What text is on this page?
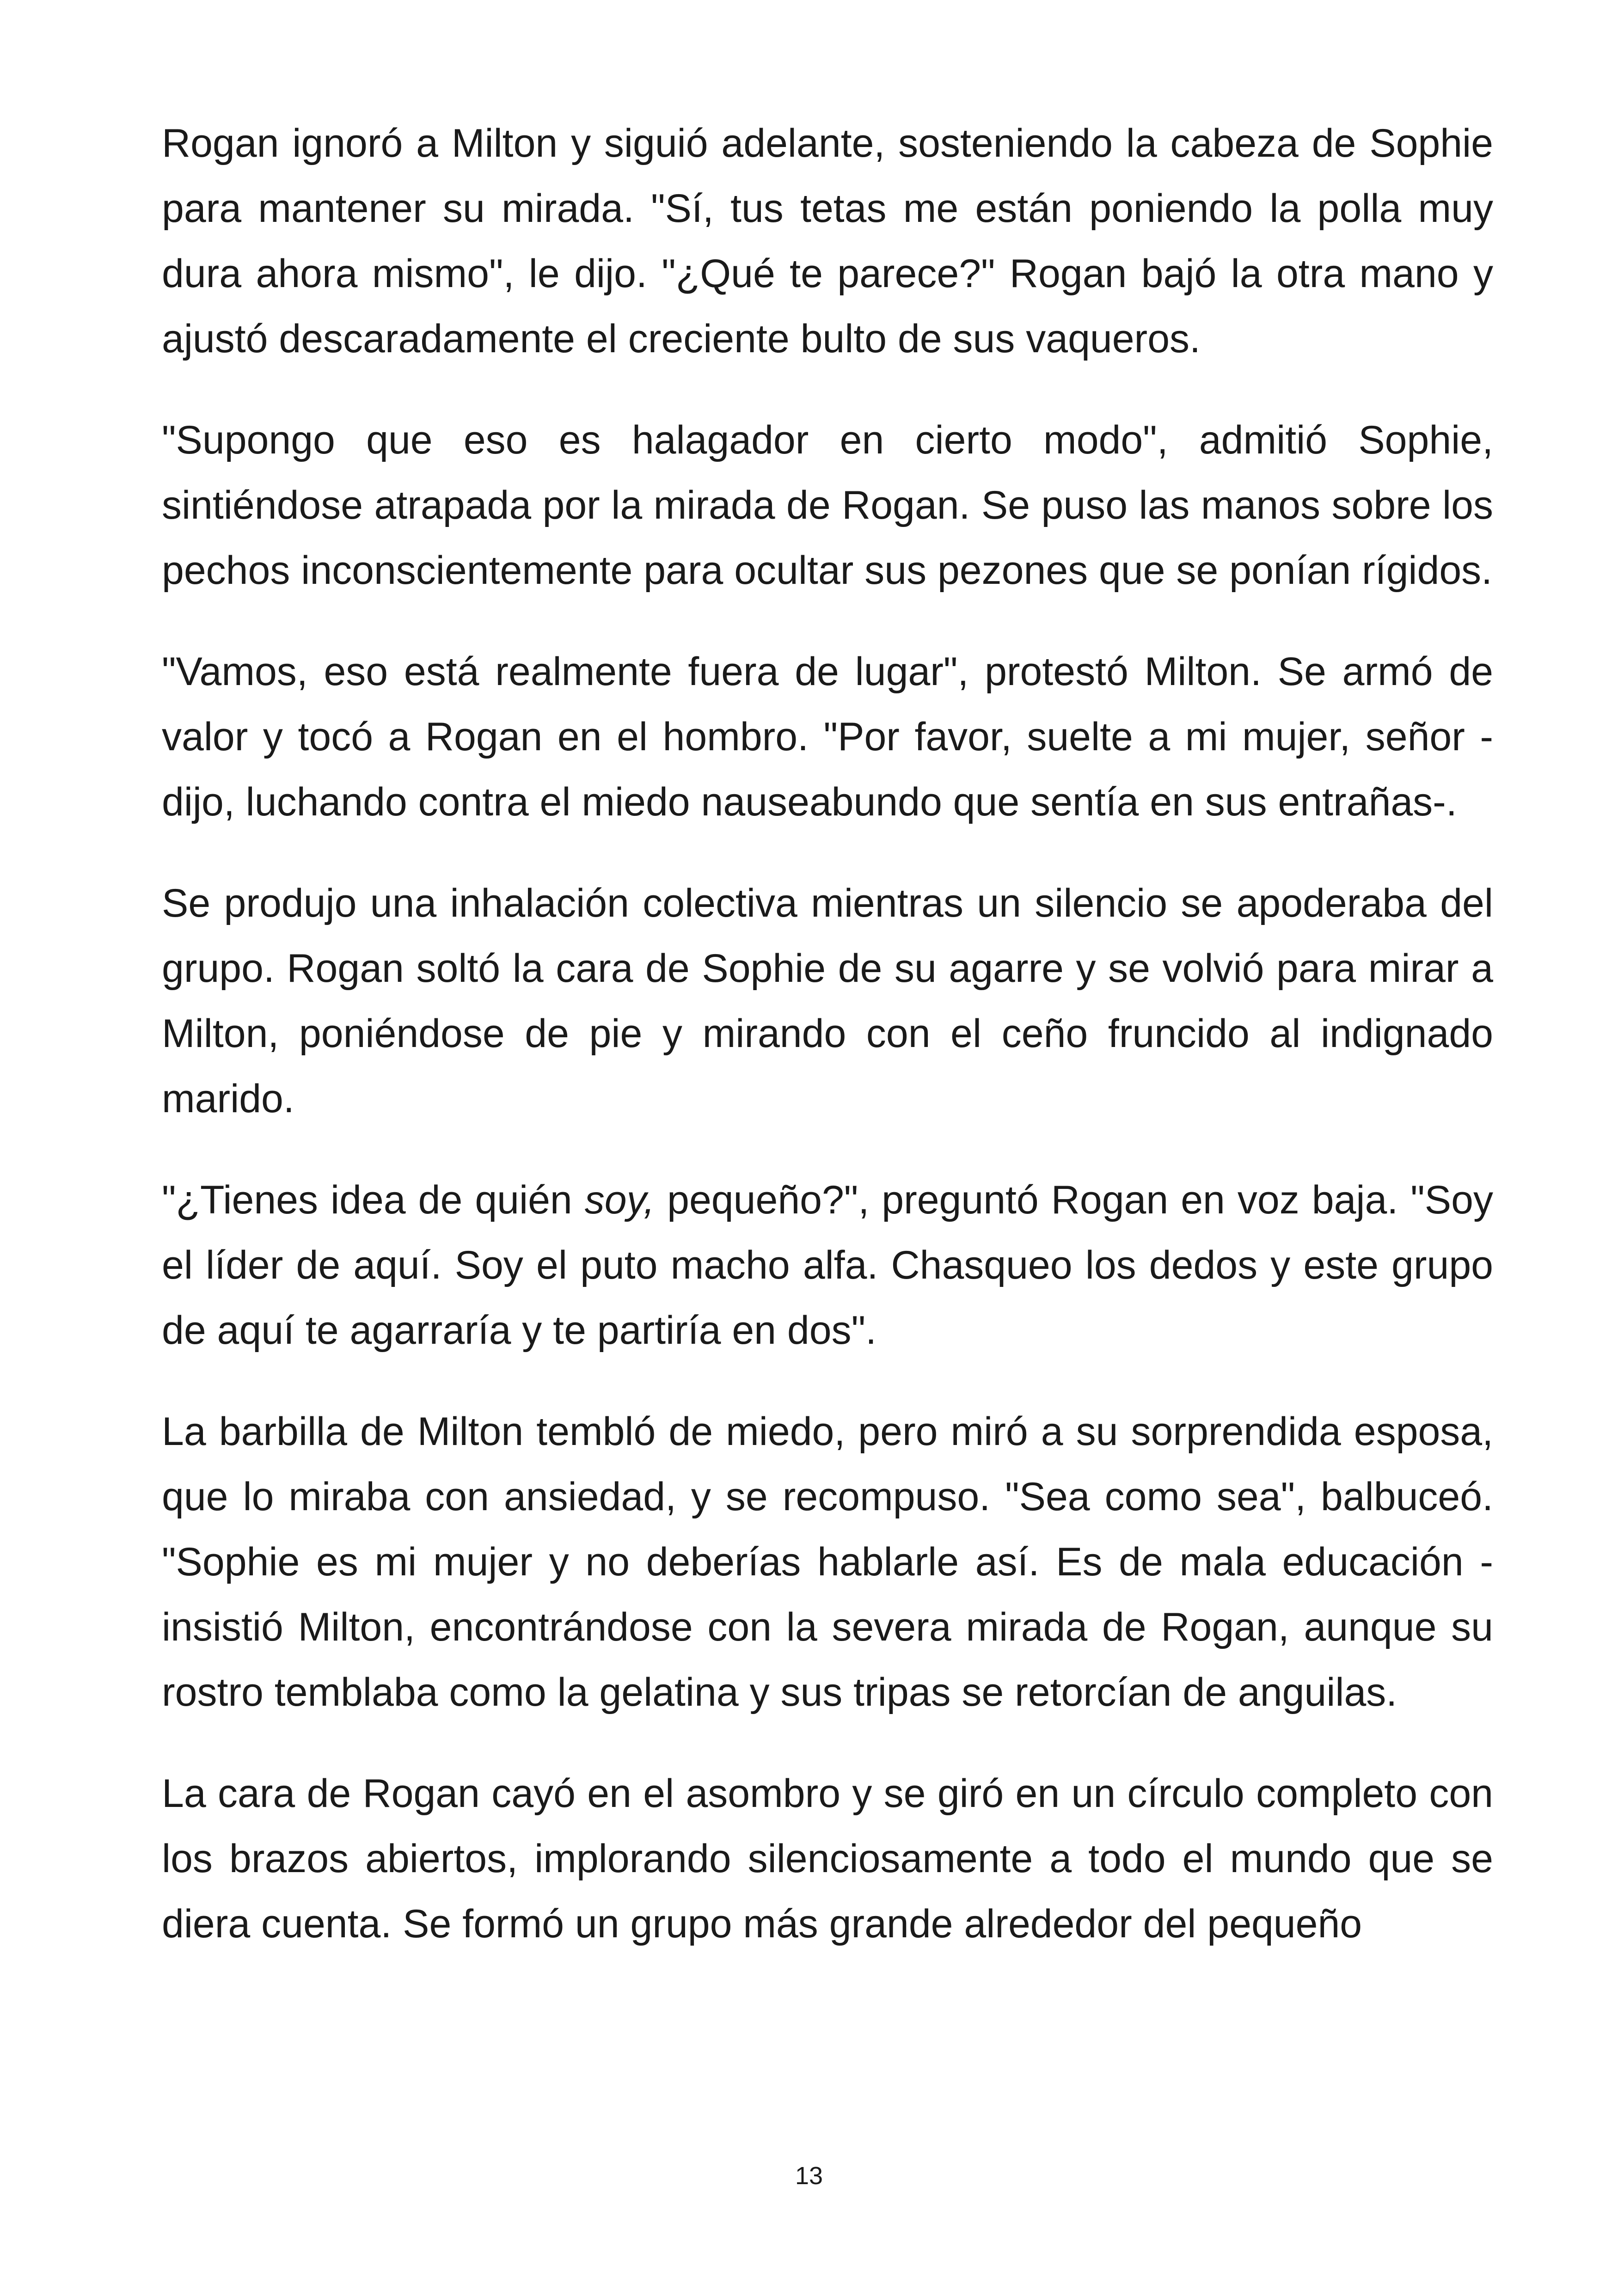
Rogan ignoró a Milton y siguió adelante, sosteniendo la cabeza de Sophie para mantener su mirada. "Sí, tus tetas me están poniendo la polla muy dura ahora mismo", le dijo. "¿Qué te parece?" Rogan bajó la otra mano y ajustó descaradamente el creciente bulto de sus vaqueros.

"Supongo que eso es halagador en cierto modo", admitió Sophie, sintiéndose atrapada por la mirada de Rogan. Se puso las manos sobre los pechos inconscientemente para ocultar sus pezones que se ponían rígidos.

"Vamos, eso está realmente fuera de lugar", protestó Milton. Se armó de valor y tocó a Rogan en el hombro. "Por favor, suelte a mi mujer, señor -dijo, luchando contra el miedo nauseabundo que sentía en sus entrañas-.

Se produjo una inhalación colectiva mientras un silencio se apoderaba del grupo. Rogan soltó la cara de Sophie de su agarre y se volvió para mirar a Milton, poniéndose de pie y mirando con el ceño fruncido al indignado marido.

"¿Tienes idea de quién soy, pequeño?", preguntó Rogan en voz baja. "Soy el líder de aquí. Soy el puto macho alfa. Chasqueo los dedos y este grupo de aquí te agarraría y te partiría en dos".

La barbilla de Milton tembló de miedo, pero miró a su sorprendida esposa, que lo miraba con ansiedad, y se recompuso. "Sea como sea", balbuceó. "Sophie es mi mujer y no deberías hablarle así. Es de mala educación -insistió Milton, encontrándose con la severa mirada de Rogan, aunque su rostro temblaba como la gelatina y sus tripas se retorcían de anguilas.

La cara de Rogan cayó en el asombro y se giró en un círculo completo con los brazos abiertos, implorando silenciosamente a todo el mundo que se diera cuenta. Se formó un grupo más grande alrededor del pequeño

13
